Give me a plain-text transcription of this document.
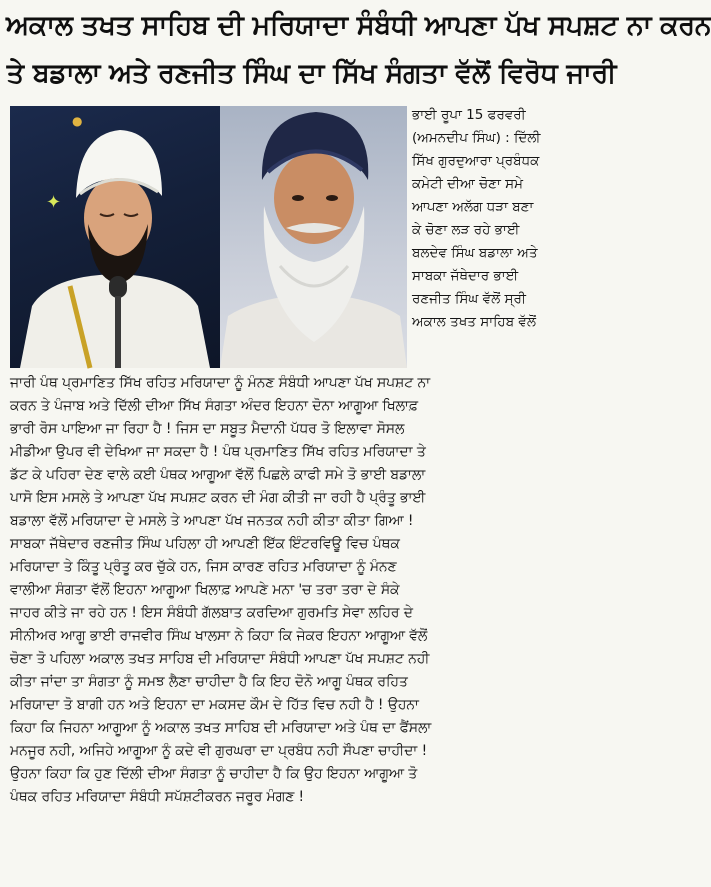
ਅਕਾਲ ਤਖਤ ਸਾਹਿਬ ਦੀ ਮਰਿਯਾਦਾ ਸੰਬੰਧੀ ਆਪਣਾ ਪੱਖ ਸਪਸ਼ਟ ਨਾ ਕਰਨ
ਤੇ ਬਡਾਲਾ ਅਤੇ ਰਣਜੀਤ ਸਿੰਘ ਦਾ ਸਿੱਖ ਸੰਗਤਾ ਵੱਲੋਂ ਵਿਰੋਧ ਜਾਰੀ
✦
●	ਭਾਈ ਰੂਪਾ 15 ਫਰਵਰੀ

(ਅਮਨਦੀਪ ਸਿੰਘ) : ਦਿੱਲੀ

ਸਿੱਖ ਗੁਰਦੁਆਰਾ ਪ੍ਰਬੰਧਕ

ਕਮੇਟੀ ਦੀਆ ਚੋਣਾ ਸਮੇ

ਆਪਣਾ ਅਲੱਗ ਧੜਾ ਬਣਾ

ਕੇ ਚੋਣਾ ਲੜ ਰਹੇ ਭਾਈ

ਬਲਦੇਵ ਸਿੰਘ ਬਡਾਲਾ ਅਤੇ

ਸਾਬਕਾ ਜੱਥੇਦਾਰ ਭਾਈ

ਰਣਜੀਤ ਸਿੰਘ ਵੱਲੋਂ ਸ੍ਰੀ

ਅਕਾਲ ਤਖਤ ਸਾਹਿਬ ਵੱਲੋਂ

ਜਾਰੀ ਪੰਥ ਪ੍ਰਮਾਣਿਤ ਸਿੱਖ ਰਹਿਤ ਮਰਿਯਾਦਾ ਨੂੰ ਮੰਨਣ ਸੰਬੰਧੀ ਆਪਣਾ ਪੱਖ ਸਪਸ਼ਟ ਨਾ

ਕਰਨ ਤੇ ਪੰਜਾਬ ਅਤੇ ਦਿੱਲੀ ਦੀਆ ਸਿੱਖ ਸੰਗਤਾ ਅੰਦਰ ਇਹਨਾ ਦੋਨਾ ਆਗੂਆ ਖਿਲਾਫ਼

ਭਾਰੀ ਰੋਸ ਪਾਇਆ ਜਾ ਰਿਹਾ ਹੈ ! ਜਿਸ ਦਾ ਸਬੂਤ ਮੈਦਾਨੀ ਪੱਧਰ ਤੋ ਇਲਾਵਾ ਸੋਸਲ

ਮੀਡੀਆ ਉਪਰ ਵੀ ਦੇਖਿਆ ਜਾ ਸਕਦਾ ਹੈ ! ਪੰਥ ਪ੍ਰਮਾਣਿਤ ਸਿੱਖ ਰਹਿਤ ਮਰਿਯਾਦਾ ਤੇ

ਡੱਟ ਕੇ ਪਹਿਰਾ ਦੇਣ ਵਾਲੇ ਕਈ ਪੰਥਕ ਆਗੂਆ ਵੱਲੋਂ ਪਿਛਲੇ ਕਾਫੀ ਸਮੇ ਤੋ ਭਾਈ ਬਡਾਲਾ

ਪਾਸੋ ਇਸ ਮਸਲੇ ਤੇ ਆਪਣਾ ਪੱਖ ਸਪਸ਼ਟ ਕਰਨ ਦੀ ਮੰਗ ਕੀਤੀ ਜਾ ਰਹੀ ਹੈ ਪ੍ਰੰਤੂ ਭਾਈ

ਬਡਾਲਾ ਵੱਲੋਂ ਮਰਿਯਾਦਾ ਦੇ ਮਸਲੇ ਤੇ ਆਪਣਾ ਪੱਖ ਜਨਤਕ ਨਹੀ ਕੀਤਾ ਕੀਤਾ ਗਿਆ !

ਸਾਬਕਾ ਜੱਥੇਦਾਰ ਰਣਜੀਤ ਸਿੰਘ ਪਹਿਲਾ ਹੀ ਆਪਣੀ ਇੱਕ ਇੰਟਰਵਿਊ ਵਿਚ ਪੰਥਕ

ਮਰਿਯਾਦਾ ਤੇ ਕਿੰਤੂ ਪ੍ਰੰਤੂ ਕਰ ਚੁੱਕੇ ਹਨ, ਜਿਸ ਕਾਰਣ ਰਹਿਤ ਮਰਿਯਾਦਾ ਨੂੰ ਮੰਨਣ

ਵਾਲੀਆ ਸੰਗਤਾ ਵੱਲੋਂ ਇਹਨਾ ਆਗੂਆ ਖਿਲਾਫ਼ ਆਪਣੇ ਮਨਾ 'ਚ ਤਰਾ ਤਰਾ ਦੇ ਸੰਕੇ

ਜਾਹਰ ਕੀਤੇ ਜਾ ਰਹੇ ਹਨ ! ਇਸ ਸੰਬੰਧੀ ਗੱਲਬਾਤ ਕਰਦਿਆ ਗੁਰਮਤਿ ਸੇਵਾ ਲਹਿਰ ਦੇ

ਸੀਨੀਅਰ ਆਗੂ ਭਾਈ ਰਾਜਵੀਰ ਸਿੰਘ ਖਾਲਸਾ ਨੇ ਕਿਹਾ ਕਿ ਜੇਕਰ ਇਹਨਾ ਆਗੂਆ ਵੱਲੋਂ

ਚੋਣਾ ਤੋ ਪਹਿਲਾ ਅਕਾਲ ਤਖਤ ਸਾਹਿਬ ਦੀ ਮਰਿਯਾਦਾ ਸੰਬੰਧੀ ਆਪਣਾ ਪੱਖ ਸਪਸ਼ਟ ਨਹੀ

ਕੀਤਾ ਜਾਂਦਾ ਤਾ ਸੰਗਤਾ ਨੂੰ ਸਮਝ ਲੈਣਾ ਚਾਹੀਦਾ ਹੈ ਕਿ ਇਹ ਦੋਨੋ ਆਗੂ ਪੰਥਕ ਰਹਿਤ

ਮਰਿਯਾਦਾ ਤੋ ਬਾਗੀ ਹਨ ਅਤੇ ਇਹਨਾ ਦਾ ਮਕਸਦ ਕੌਮ ਦੇ ਹਿੱਤ ਵਿਚ ਨਹੀ ਹੈ ! ਉਹਨਾ

ਕਿਹਾ ਕਿ ਜਿਹਨਾ ਆਗੂਆ ਨੂੰ ਅਕਾਲ ਤਖਤ ਸਾਹਿਬ ਦੀ ਮਰਿਯਾਦਾ ਅਤੇ ਪੰਥ ਦਾ ਫੈਂਸਲਾ

ਮਨਜੂਰ ਨਹੀ, ਅਜਿਹੇ ਆਗੂਆ ਨੂੰ ਕਦੇ ਵੀ ਗੁਰਘਰਾ ਦਾ ਪ੍ਰਬੰਧ ਨਹੀ ਸੌਪਣਾ ਚਾਹੀਦਾ !

ਉਹਨਾ ਕਿਹਾ ਕਿ ਹੁਣ ਦਿੱਲੀ ਦੀਆ ਸੰਗਤਾ ਨੂੰ ਚਾਹੀਦਾ ਹੈ ਕਿ ਉਹ ਇਹਨਾ ਆਗੂਆ ਤੋ

ਪੰਥਕ ਰਹਿਤ ਮਰਿਯਾਦਾ ਸੰਬੰਧੀ ਸਪੱਸ਼ਟੀਕਰਨ ਜਰੂਰ ਮੰਗਣ !
